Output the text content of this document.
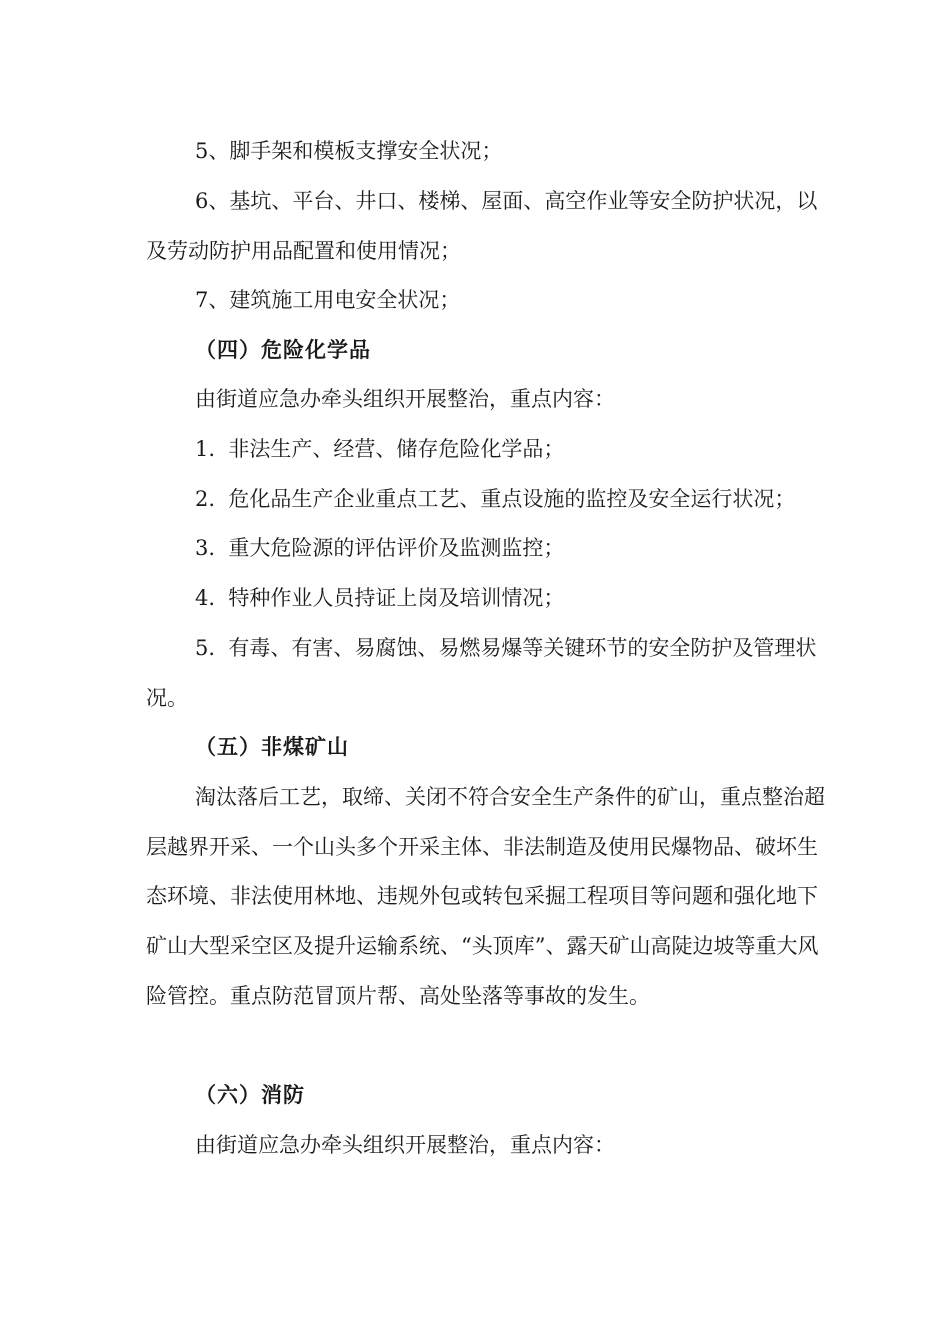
5、脚手架和模板支撑安全状况；

6、基坑、平台、井口、楼梯、屋面、高空作业等安全防护状况，以及劳动防护用品配置和使用情况；

7、建筑施工用电安全状况；

（四）危险化学品

由街道应急办牵头组织开展整治，重点内容：

1.  非法生产、经营、储存危险化学品；

2.  危化品生产企业重点工艺、重点设施的监控及安全运行状况；

3.  重大危险源的评估评价及监测监控；

4.  特种作业人员持证上岗及培训情况；

5.  有毒、有害、易腐蚀、易燃易爆等关键环节的安全防护及管理状况。

（五）非煤矿山

淘汰落后工艺，取缔、关闭不符合安全生产条件的矿山，重点整治超层越界开采、一个山头多个开采主体、非法制造及使用民爆物品、破坏生态环境、非法使用林地、违规外包或转包采掘工程项目等问题和强化地下矿山大型采空区及提升运输系统、“头顶库”、露天矿山高陡边坡等重大风险管控。重点防范冒顶片帮、高处坠落等事故的发生。

（六）消防

由街道应急办牵头组织开展整治，重点内容：
